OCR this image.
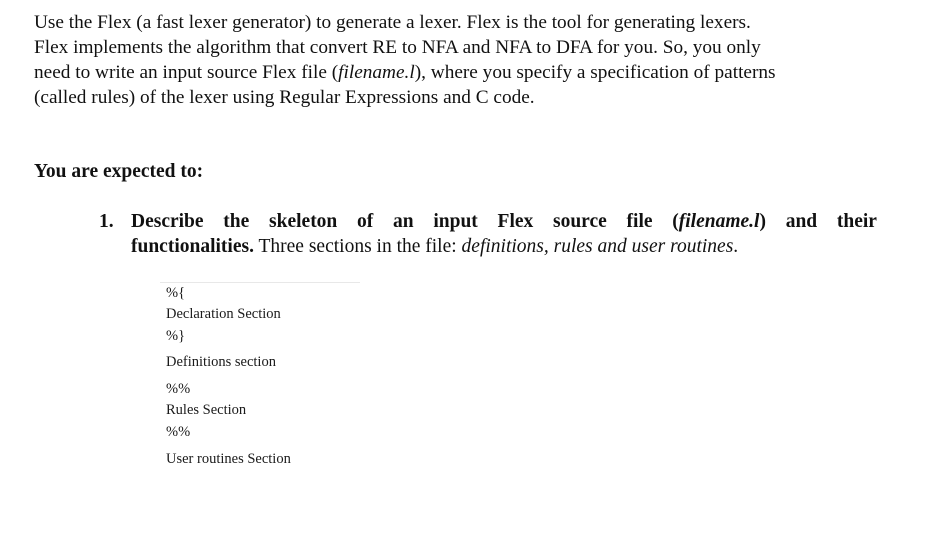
Use the Flex (a fast lexer generator) to generate a lexer. Flex is the tool for generating lexers.
Flex implements the algorithm that convert RE to NFA and NFA to DFA for you. So, you only
need to write an input source Flex file (filename.l), where you specify a specification of patterns
(called rules) of the lexer using Regular Expressions and C code.
You are expected to:
1. Describe the skeleton of an input Flex source file (filename.l) and their
functionalities. Three sections in the file: definitions, rules and user routines.
%{
Declaration Section
%}
Definitions section
%%
Rules Section
%%
User routines Section
